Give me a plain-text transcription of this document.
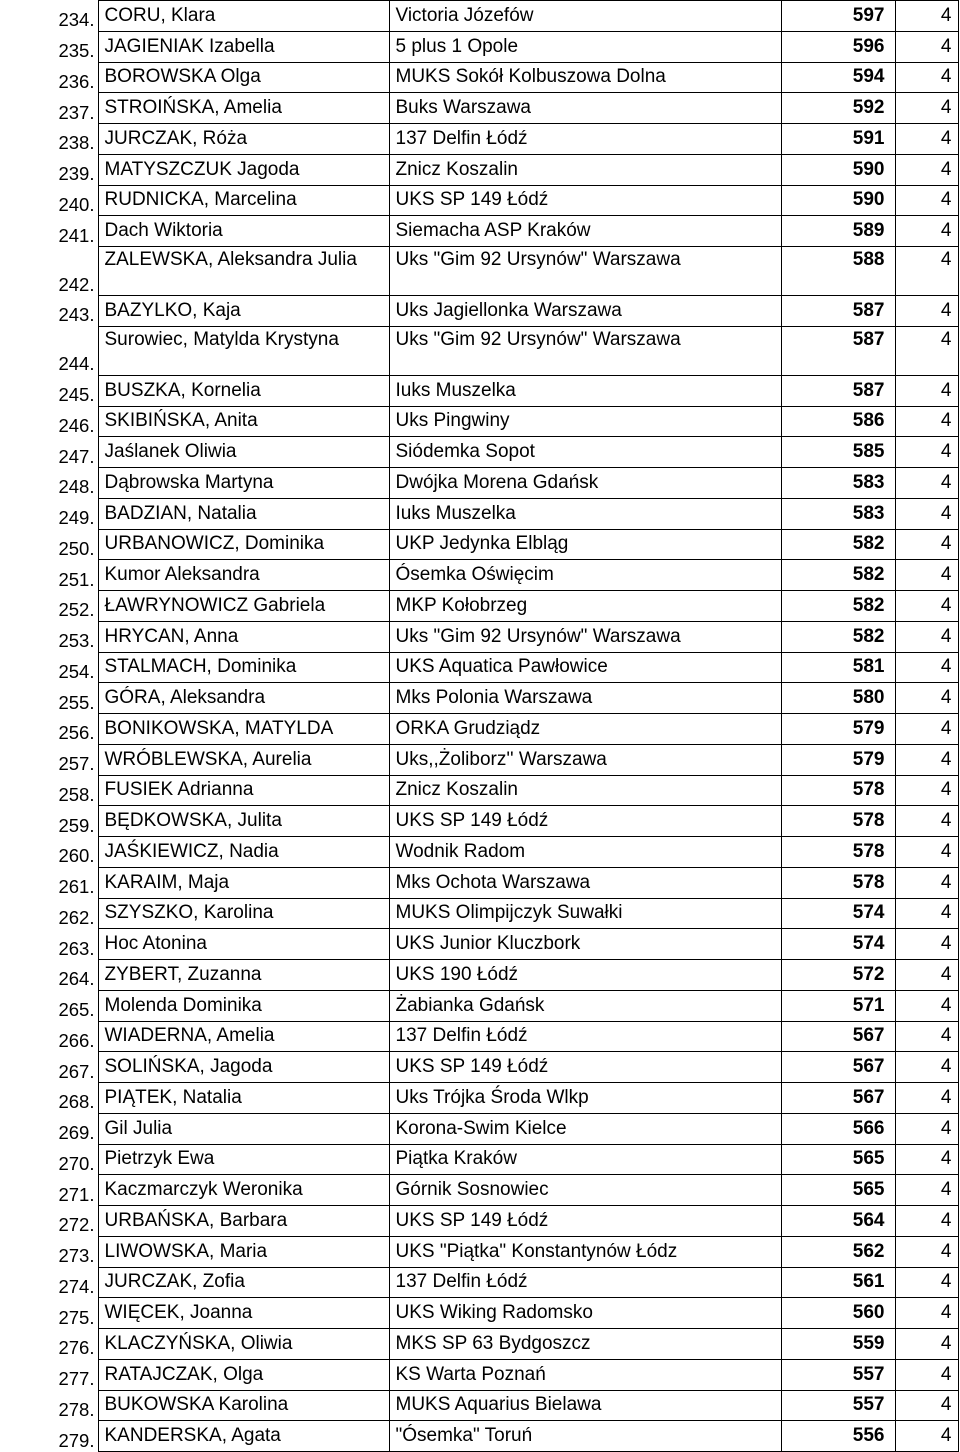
234.	CORU, Klara	Victoria Józefów	597	4
235.	JAGIENIAK Izabella	5 plus 1 Opole	596	4
236.	BOROWSKA Olga	MUKS Sokół Kolbuszowa Dolna	594	4
237.	STROIŃSKA, Amelia	Buks Warszawa	592	4
238.	JURCZAK, Róża	137 Delfin Łódź	591	4
239.	MATYSZCZUK Jagoda	Znicz Koszalin	590	4
240.	RUDNICKA, Marcelina	UKS SP 149 Łódź	590	4
241.	Dach Wiktoria	Siemacha ASP Kraków	589	4
242.	ZALEWSKA, Aleksandra Julia	Uks "Gim 92 Ursynów" Warszawa	588	4
243.	BAZYLKO, Kaja	Uks Jagiellonka Warszawa	587	4
244.	Surowiec, Matylda Krystyna	Uks "Gim 92 Ursynów" Warszawa	587	4
245.	BUSZKA, Kornelia	Iuks Muszelka	587	4
246.	SKIBIŃSKA, Anita	Uks Pingwiny	586	4
247.	Jaślanek Oliwia	Siódemka Sopot	585	4
248.	Dąbrowska Martyna	Dwójka Morena Gdańsk	583	4
249.	BADZIAN, Natalia	Iuks Muszelka	583	4
250.	URBANOWICZ, Dominika	UKP Jedynka Elbląg	582	4
251.	Kumor Aleksandra	Ósemka Oświęcim	582	4
252.	ŁAWRYNOWICZ Gabriela	MKP Kołobrzeg	582	4
253.	HRYCAN, Anna	Uks "Gim 92 Ursynów" Warszawa	582	4
254.	STALMACH, Dominika	UKS Aquatica Pawłowice	581	4
255.	GÓRA, Aleksandra	Mks Polonia Warszawa	580	4
256.	BONIKOWSKA, MATYLDA	ORKA Grudziądz	579	4
257.	WRÓBLEWSKA, Aurelia	Uks,,Żoliborz'' Warszawa	579	4
258.	FUSIEK Adrianna	Znicz Koszalin	578	4
259.	BĘDKOWSKA, Julita	UKS SP 149 Łódź	578	4
260.	JAŚKIEWICZ, Nadia	Wodnik Radom	578	4
261.	KARAIM, Maja	Mks Ochota Warszawa	578	4
262.	SZYSZKO, Karolina	MUKS Olimpijczyk Suwałki	574	4
263.	Hoc Atonina	UKS Junior Kluczbork	574	4
264.	ZYBERT, Zuzanna	UKS 190 Łódź	572	4
265.	Molenda Dominika	Żabianka Gdańsk	571	4
266.	WIADERNA, Amelia	137 Delfin Łódź	567	4
267.	SOLIŃSKA, Jagoda	UKS SP 149 Łódź	567	4
268.	PIĄTEK, Natalia	Uks Trójka Środa Wlkp	567	4
269.	Gil Julia	Korona-Swim Kielce	566	4
270.	Pietrzyk Ewa	Piątka Kraków	565	4
271.	Kaczmarczyk Weronika	Górnik Sosnowiec	565	4
272.	URBAŃSKA, Barbara	UKS SP 149 Łódź	564	4
273.	LIWOWSKA, Maria	UKS "Piątka" Konstantynów Łódz	562	4
274.	JURCZAK, Zofia	137 Delfin Łódź	561	4
275.	WIĘCEK, Joanna	UKS Wiking Radomsko	560	4
276.	KLACZYŃSKA, Oliwia	MKS SP 63 Bydgoszcz	559	4
277.	RATAJCZAK, Olga	KS Warta Poznań	557	4
278.	BUKOWSKA Karolina	MUKS Aquarius Bielawa	557	4
279.	KANDERSKA, Agata	"Ósemka" Toruń	556	4
